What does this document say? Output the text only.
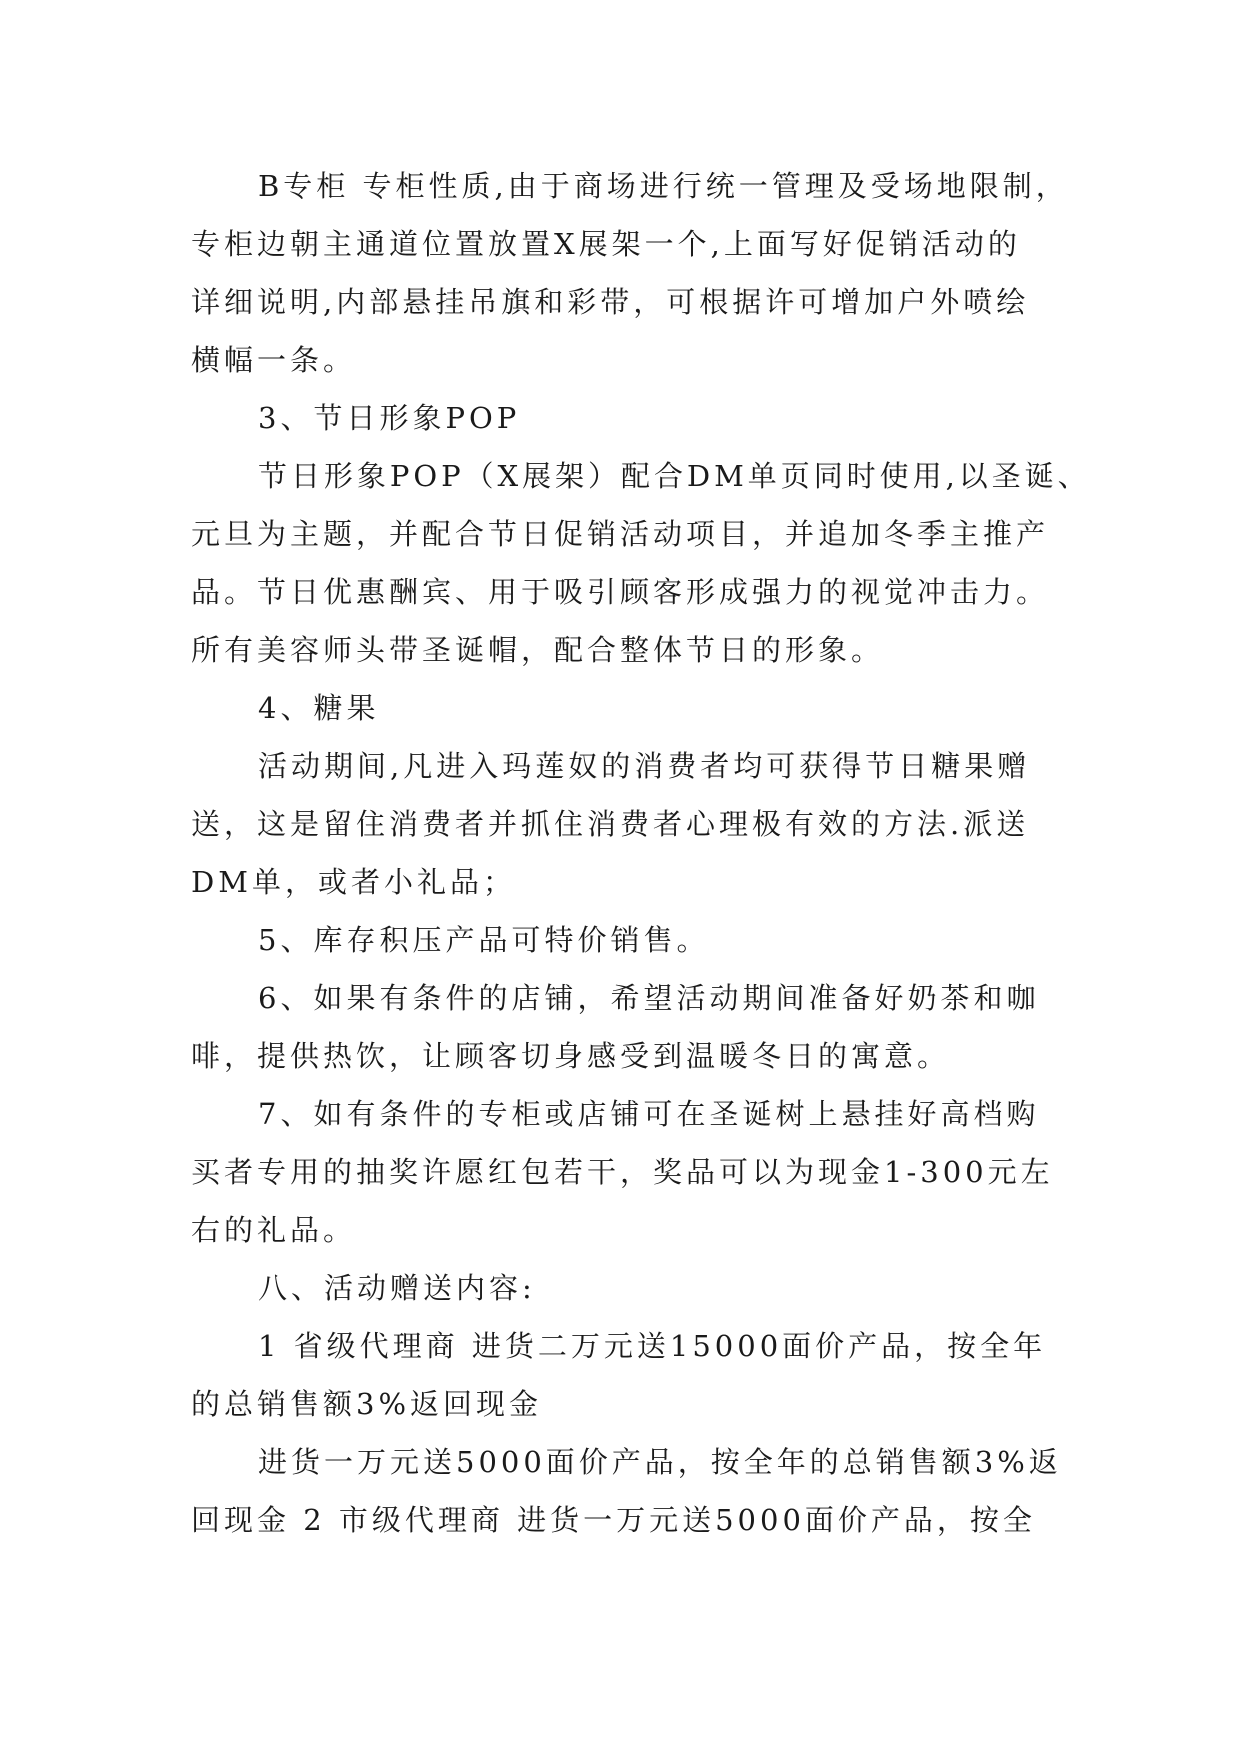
B专柜 专柜性质,由于商场进行统一管理及受场地限制，
专柜边朝主通道位置放置X展架一个,上面写好促销活动的
详细说明,内部悬挂吊旗和彩带，可根据许可增加户外喷绘
横幅一条。
3、节日形象POP
节日形象POP（X展架）配合DM单页同时使用,以圣诞、
元旦为主题，并配合节日促销活动项目，并追加冬季主推产
品。节日优惠酬宾、用于吸引顾客形成强力的视觉冲击力。
所有美容师头带圣诞帽，配合整体节日的形象。
4、糖果
活动期间,凡进入玛莲奴的消费者均可获得节日糖果赠
送，这是留住消费者并抓住消费者心理极有效的方法.派送
DM单，或者小礼品；
5、库存积压产品可特价销售。
6、如果有条件的店铺，希望活动期间准备好奶茶和咖
啡，提供热饮，让顾客切身感受到温暖冬日的寓意。
7、如有条件的专柜或店铺可在圣诞树上悬挂好高档购
买者专用的抽奖许愿红包若干，奖品可以为现金1-300元左
右的礼品。
八、活动赠送内容:
1 省级代理商 进货二万元送15000面价产品，按全年
的总销售额3%返回现金
进货一万元送5000面价产品，按全年的总销售额3%返
回现金 2 市级代理商 进货一万元送5000面价产品，按全
